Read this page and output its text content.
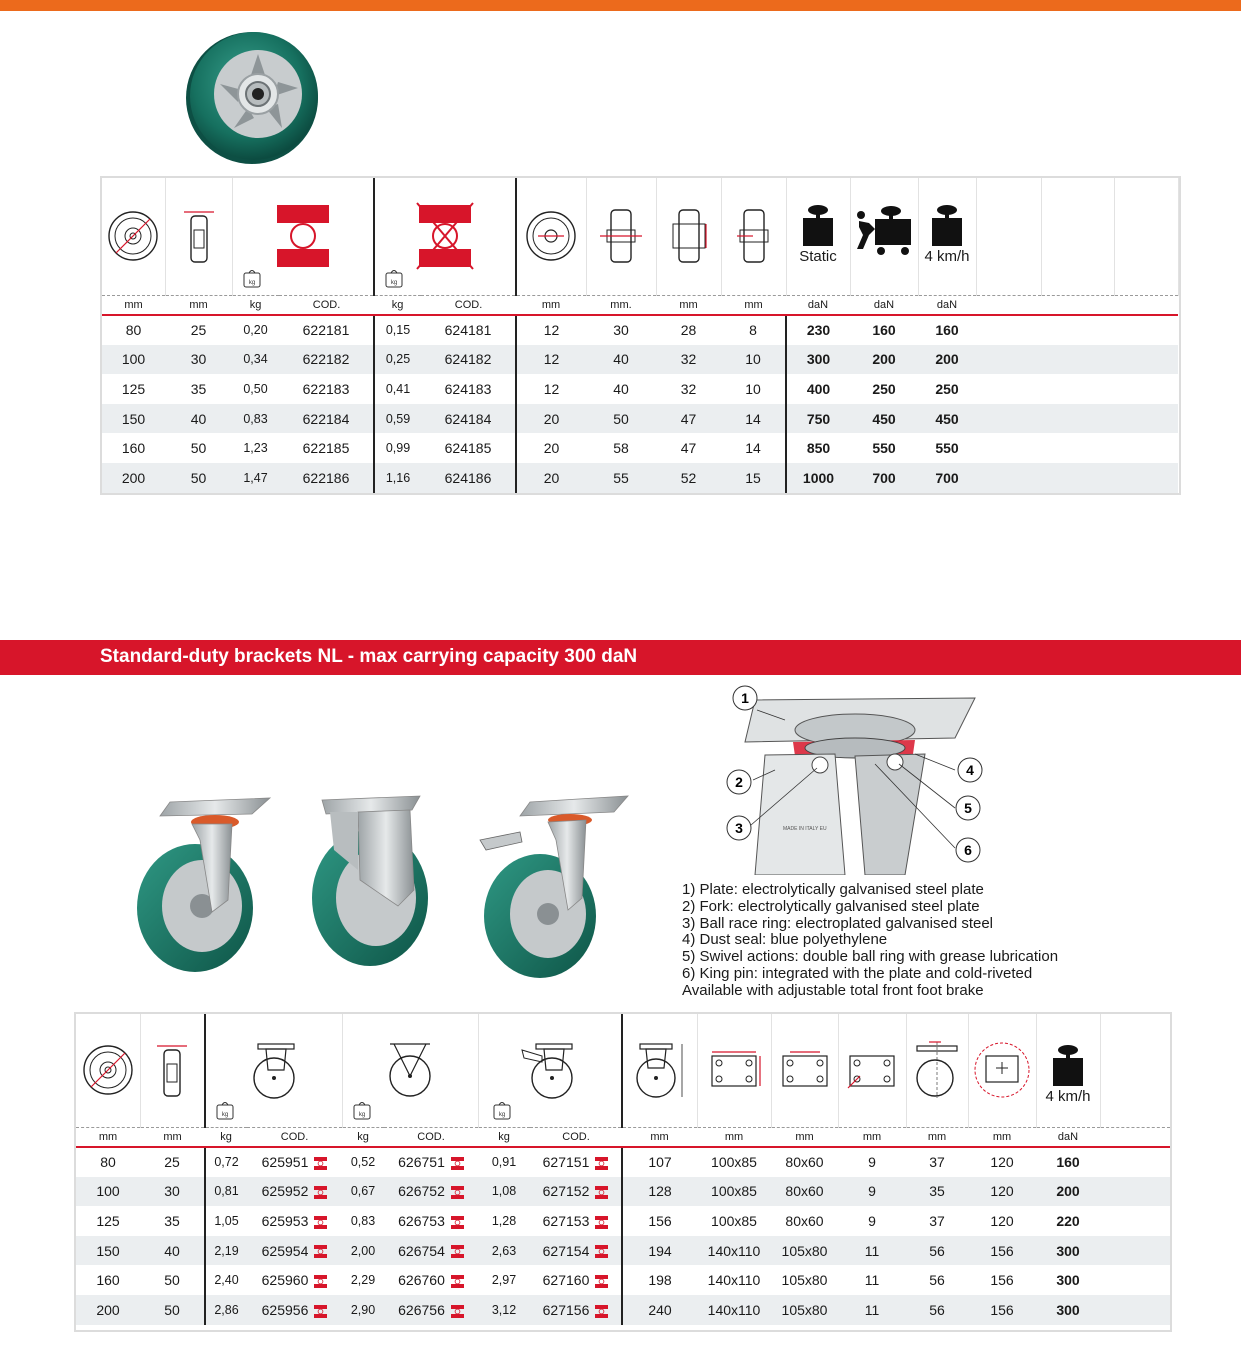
kg		kg						Static		4 km/h				

mm	mm	kg	COD.	kg	COD.	mm	mm.	mm	mm	daN	daN	daN				
80	25	0,20	622181	0,15	624181	12	30	28	8	230	160	160				
100	30	0,34	622182	0,25	624182	12	40	32	10	300	200	200				
125	35	0,50	622183	0,41	624183	12	40	32	10	400	250	250				
150	40	0,83	622184	0,59	624184	20	50	47	14	750	450	450				
160	50	1,23	622185	0,99	624185	20	58	47	14	850	550	550				
200	50	1,47	622186	1,16	624186	20	55	52	15	1000	700	700				
Standard-duty brackets NL - max carrying capacity 300 daN
MADE IN ITALY EU
1
2
3
4
5
6
1) Plate: electrolytically galvanised steel plate
2) Fork: electrolytically galvanised steel plate
3) Ball race ring: electroplated galvanised steel
4) Dust seal: blue polyethylene
5) Swivel actions: double ball ring with grease lubrication
6) King pin: integrated with the plate and cold-riveted
Available with adjustable total front foot brake

kg		kg		kg								4 km/h	

mm	mm	kg	COD.	kg	COD.	kg	COD.	mm	mm	mm	mm	mm	mm	daN	
80	25	0,72	625951	0,52	626751	0,91	627151	107	100x85	80x60	9	37	120	160	
100	30	0,81	625952	0,67	626752	1,08	627152	128	100x85	80x60	9	35	120	200	
125	35	1,05	625953	0,83	626753	1,28	627153	156	100x85	80x60	9	37	120	220	
150	40	2,19	625954	2,00	626754	2,63	627154	194	140x110	105x80	11	56	156	300	
160	50	2,40	625960	2,29	626760	2,97	627160	198	140x110	105x80	11	56	156	300	
200	50	2,86	625956	2,90	626756	3,12	627156	240	140x110	105x80	11	56	156	300	
